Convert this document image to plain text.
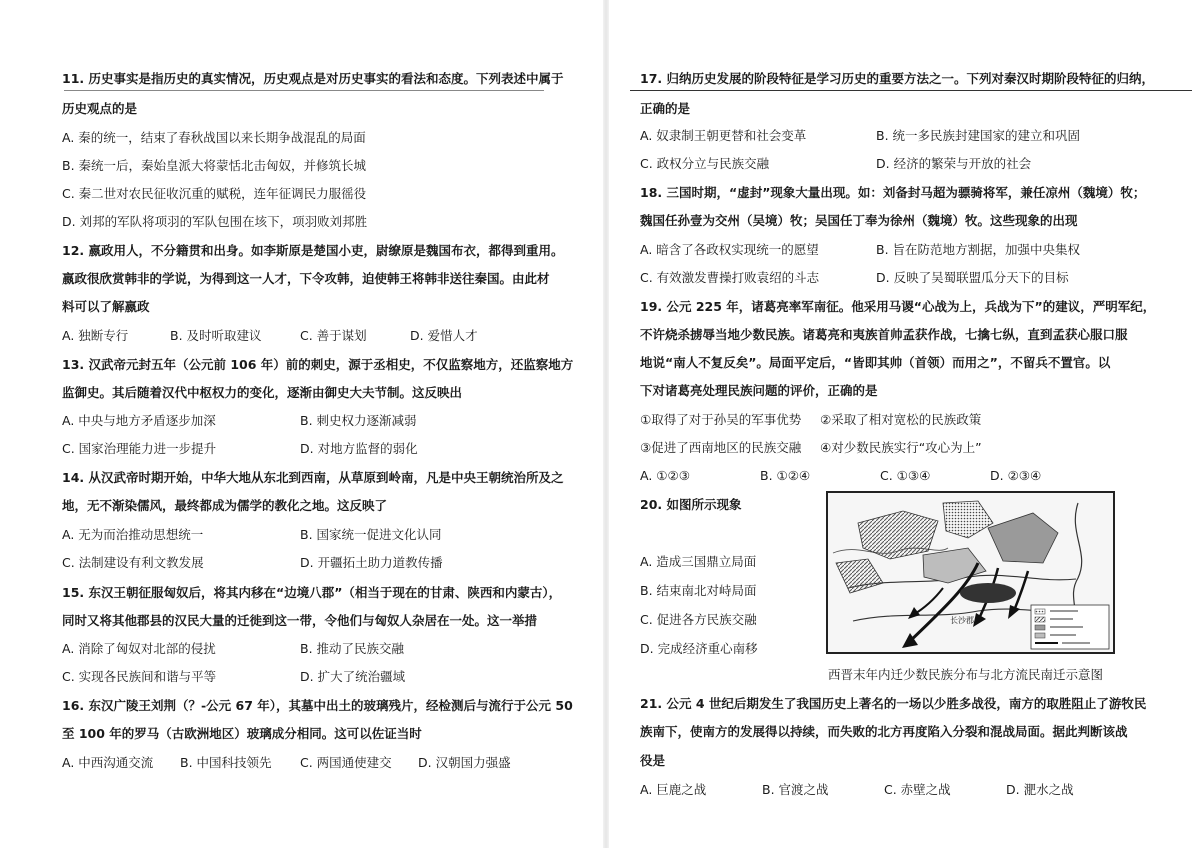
11. 历史事实是指历史的真实情况，历史观点是对历史事实的看法和态度。下列表述中属于
历史观点的是
A. 秦的统一，结束了春秋战国以来长期争战混乱的局面
B. 秦统一后，秦始皇派大将蒙恬北击匈奴，并修筑长城
C. 秦二世对农民征收沉重的赋税，连年征调民力服徭役
D. 刘邦的军队将项羽的军队包围在垓下，项羽败刘邦胜
12. 嬴政用人，不分籍贯和出身。如李斯原是楚国小吏，尉缭原是魏国布衣，都得到重用。
嬴政很欣赏韩非的学说，为得到这一人才，下令攻韩，迫使韩王将韩非送往秦国。由此材
料可以了解嬴政
A. 独断专行	B. 及时听取建议	C. 善于谋划	D. 爱惜人才
13. 汉武帝元封五年（公元前 106 年）前的刺史，源于丞相史，不仅监察地方，还监察地方
监御史。其后随着汉代中枢权力的变化，逐渐由御史大夫节制。这反映出
A. 中央与地方矛盾逐步加深	B. 刺史权力逐渐减弱
C. 国家治理能力进一步提升	D. 对地方监督的弱化
14. 从汉武帝时期开始，中华大地从东北到西南，从草原到岭南，凡是中央王朝统治所及之
地，无不渐染儒风，最终都成为儒学的教化之地。这反映了
A. 无为而治推动思想统一	B. 国家统一促进文化认同
C. 法制建设有利文教发展	D. 开疆拓土助力道教传播
15. 东汉王朝征服匈奴后，将其内移在“边境八郡”（相当于现在的甘肃、陕西和内蒙古），
同时又将其他郡县的汉民大量的迁徙到这一带，令他们与匈奴人杂居在一处。这一举措
A. 消除了匈奴对北部的侵扰	B. 推动了民族交融
C. 实现各民族间和谐与平等	D. 扩大了统治疆域
16. 东汉广陵王刘荆（？-公元 67 年），其墓中出土的玻璃残片，经检测后与流行于公元 50
至 100 年的罗马（古欧洲地区）玻璃成分相同。这可以佐证当时
A. 中西沟通交流 B. 中国科技领先 C. 两国通使建交 D. 汉朝国力强盛
17. 归纳历史发展的阶段特征是学习历史的重要方法之一。下列对秦汉时期阶段特征的归纳，
正确的是
A. 奴隶制王朝更替和社会变革	B. 统一多民族封建国家的建立和巩固
C. 政权分立与民族交融	D. 经济的繁荣与开放的社会
18. 三国时期，“虚封”现象大量出现。如：刘备封马超为骠骑将军，兼任凉州（魏境）牧；
魏国任孙壹为交州（吴境）牧；吴国任丁奉为徐州（魏境）牧。这些现象的出现
A. 暗含了各政权实现统一的愿望	B. 旨在防范地方割据，加强中央集权
C. 有效激发曹操打败袁绍的斗志	D. 反映了吴蜀联盟瓜分天下的目标
19. 公元 225 年，诸葛亮率军南征。他采用马谡“心战为上，兵战为下”的建议，严明军纪，
不许烧杀掳辱当地少数民族。诸葛亮和夷族首帅孟获作战，七擒七纵，直到孟获心服口服
地说“南人不复反矣”。局面平定后，“皆即其帅（首领）而用之”，不留兵不置官。以
下对诸葛亮处理民族问题的评价，正确的是
①取得了对于孙吴的军事优势 ②采取了相对宽松的民族政策
③促进了西南地区的民族交融 ④对少数民族实行“攻心为上”
A. ①②③	B. ①②④	C. ①③④	D. ②③④
20. 如图所示现象
A. 造成三国鼎立局面
B. 结束南北对峙局面
C. 促进各方民族交融
D. 完成经济重心南移
长沙郡
西晋末年内迁少数民族分布与北方流民南迁示意图
21. 公元 4 世纪后期发生了我国历史上著名的一场以少胜多战役，南方的取胜阻止了游牧民
族南下，使南方的发展得以持续，而失败的北方再度陷入分裂和混战局面。据此判断该战
役是
A. 巨鹿之战	B. 官渡之战	C. 赤壁之战	D. 淝水之战
